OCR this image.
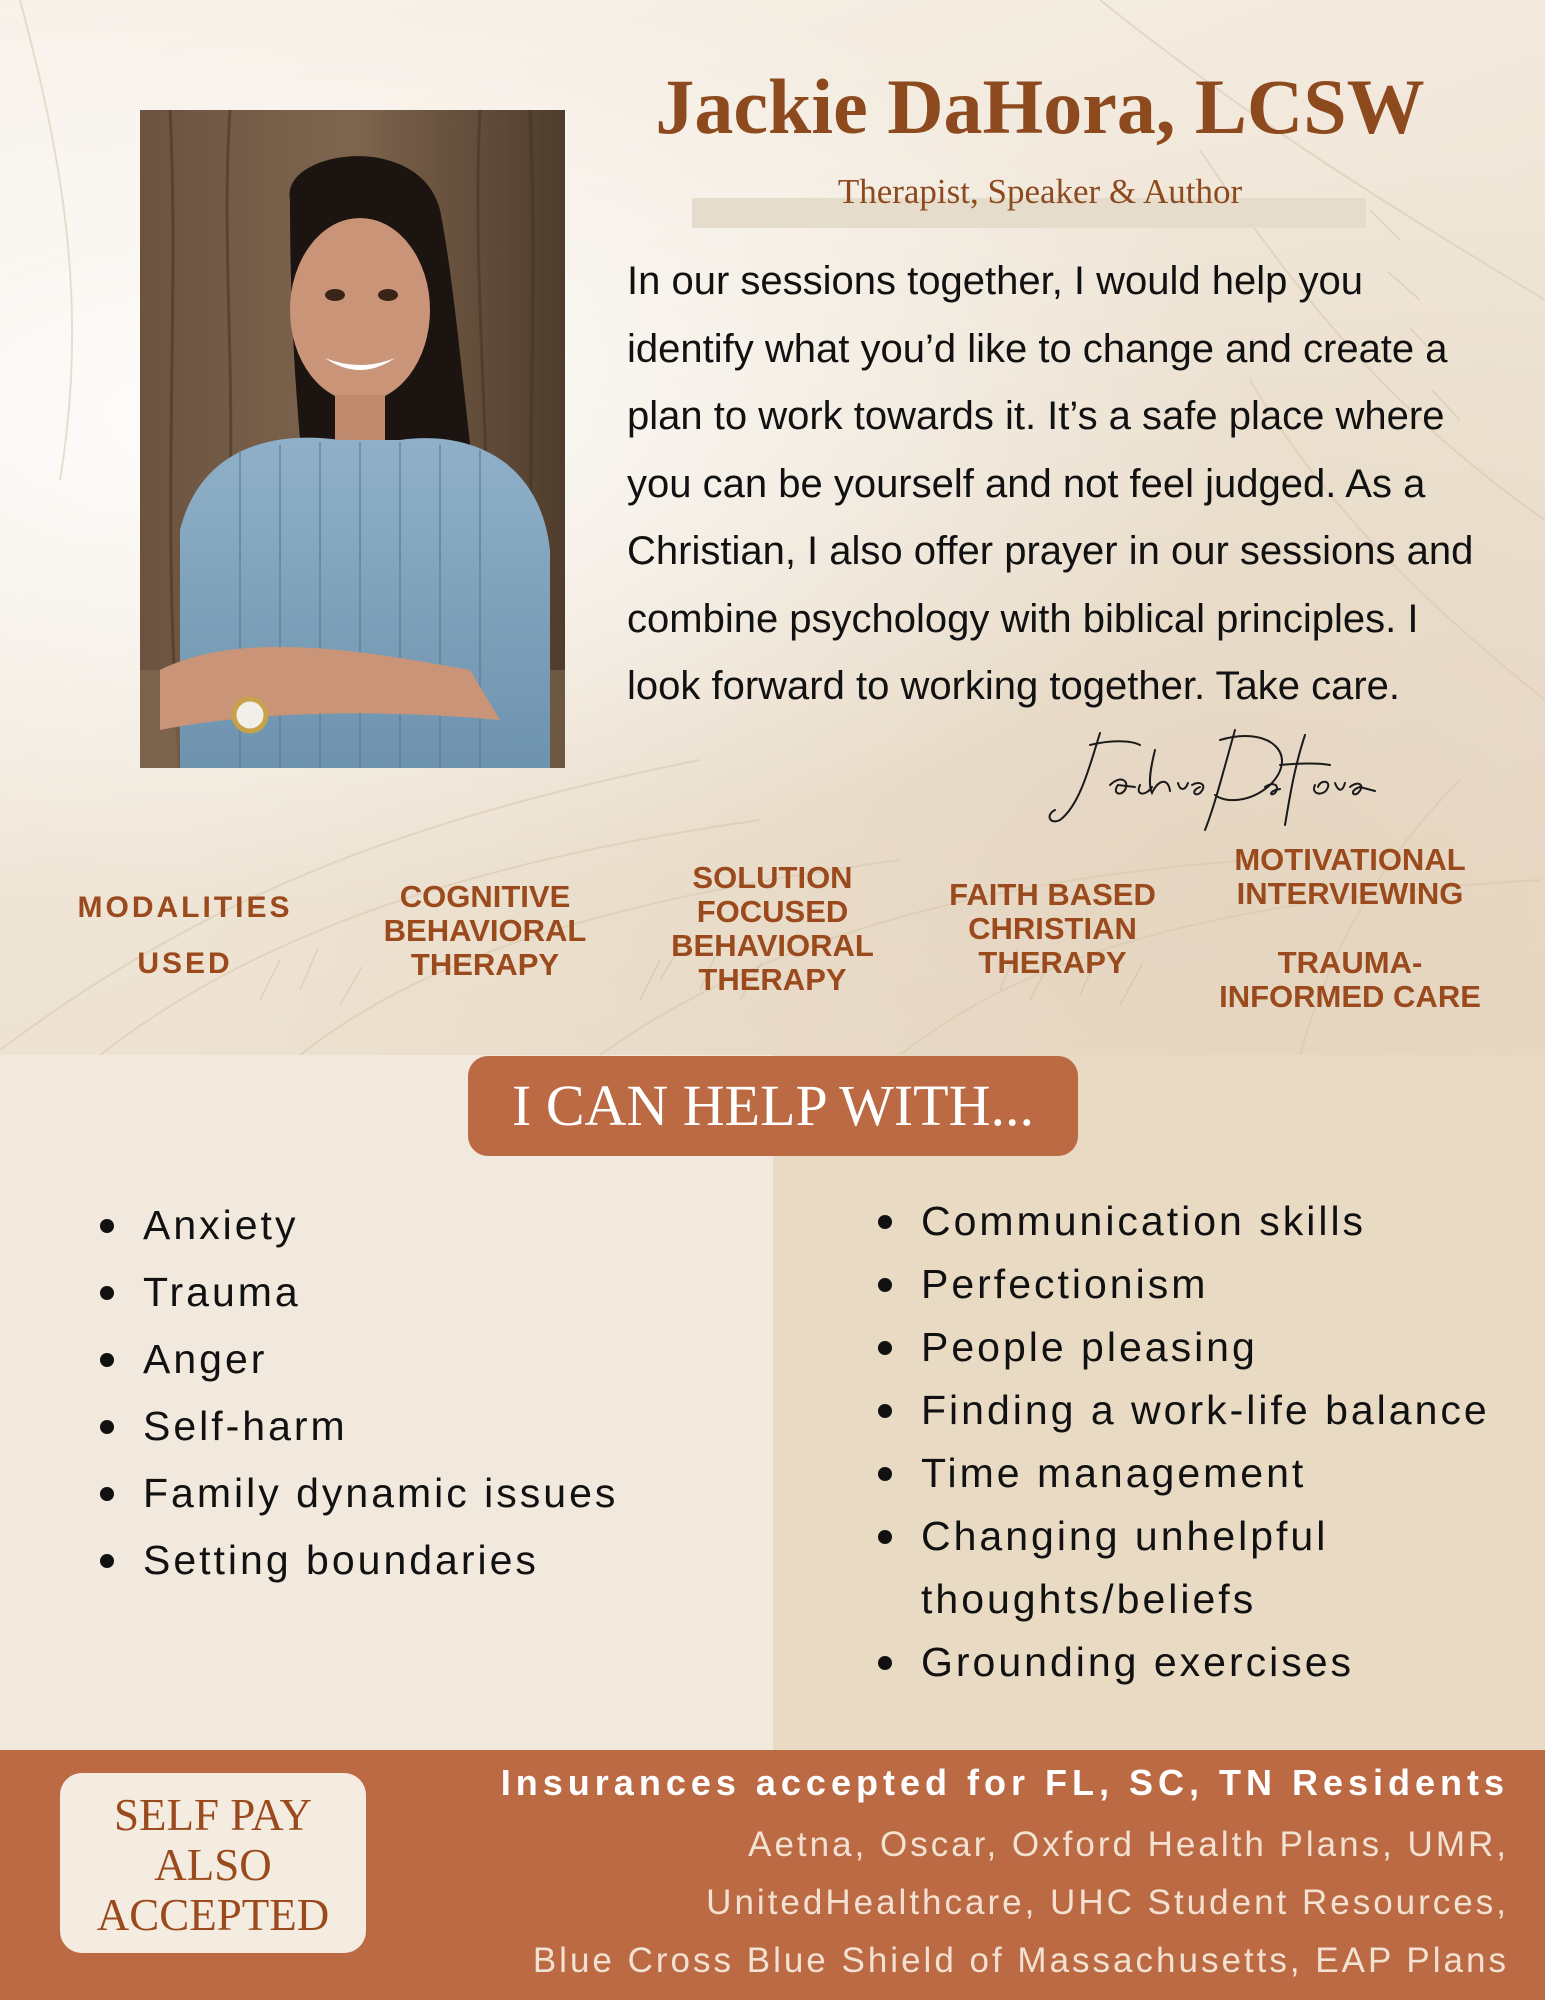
Jackie DaHora, LCSW
Therapist, Speaker & Author
In our sessions together, I would help you
identify what you’d like to change and create a
plan to work towards it. It’s a safe place where
you can be yourself and not feel judged. As a
Christian, I also offer prayer in our sessions and
combine psychology with biblical principles. I
look forward to working together. Take care.
MODALITIES
USED
COGNITIVE
BEHAVIORAL
THERAPY
SOLUTION
FOCUSED
BEHAVIORAL
THERAPY
FAITH BASED
CHRISTIAN
THERAPY
MOTIVATIONAL
INTERVIEWING
TRAUMA-
INFORMED CARE
I CAN HELP WITH...
Anxiety
Trauma
Anger
Self-harm
Family dynamic issues
Setting boundaries
Communication skills
Perfectionism
People pleasing
Finding a work-life balance
Time management
Changing unhelpful
thoughts/beliefs
Grounding exercises
SELF PAY
ALSO
ACCEPTED
Insurances accepted for FL, SC, TN Residents
Aetna, Oscar, Oxford Health Plans, UMR,
UnitedHealthcare, UHC Student Resources,
Blue Cross Blue Shield of Massachusetts, EAP Plans
